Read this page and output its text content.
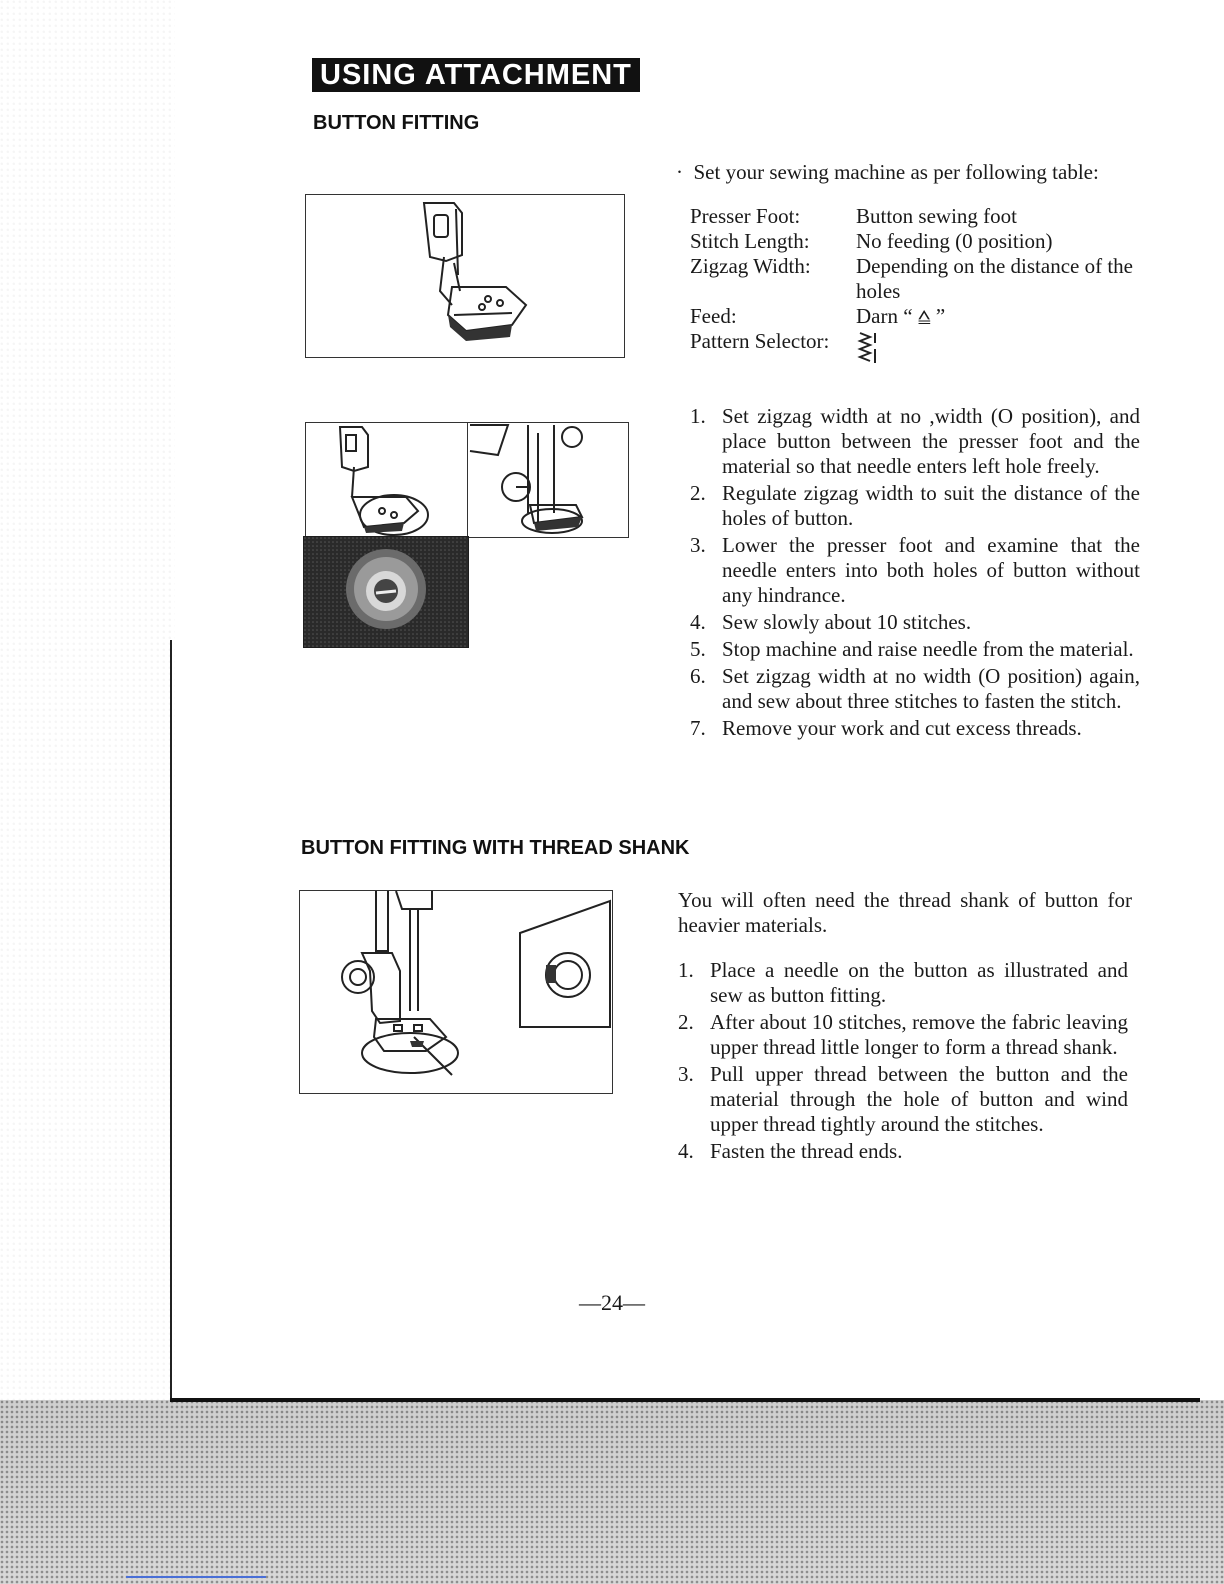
USING ATTACHMENT
BUTTON FITTING
·  Set your sewing machine as per following table:
Presser Foot:	Button sewing foot
Stitch Length:	No feeding (0 position)
Zigzag Width:	Depending on the distance of the holes
Feed:	Darn “ ⩠ ”
Pattern Selector:
1. Set zigzag width at no ,width (O position), and place button between the presser foot and the material so that needle enters left hole freely.
2. Regulate zigzag width to suit the distance of the holes of button.
3. Lower the presser foot and examine that the needle enters into both holes of button without any hindrance.
4. Sew slowly about 10 stitches.
5. Stop machine and raise needle from the material.
6. Set zigzag width at no width (O position) again, and sew about three stitches to fasten the stitch.
7. Remove your work and cut excess threads.
BUTTON FITTING WITH THREAD SHANK
You will often need the thread shank of button for heavier materials.
1. Place a needle on the button as illustrated and sew as button fitting.
2. After about 10 stitches, remove the fabric leaving upper thread little longer to form a thread shank.
3. Pull upper thread between the button and the material through the hole of button and wind upper thread tightly around the stitches.
4. Fasten the thread ends.
—24—
